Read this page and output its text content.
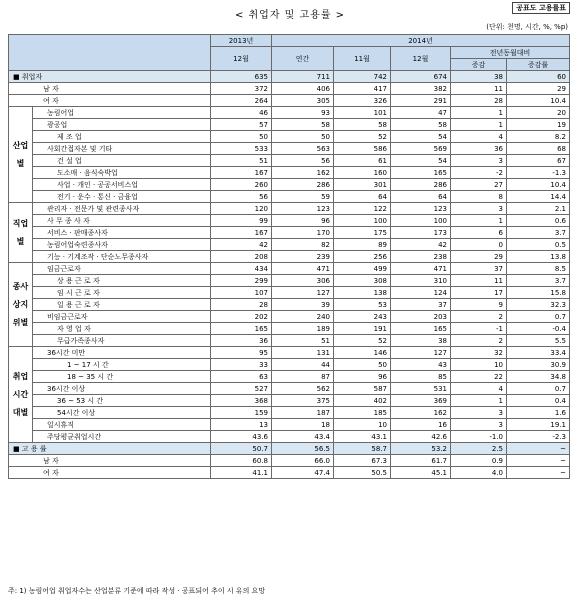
< 취업자 및 고용률 >
공표도 고용률표
(단위: 천명, 시간, %, %p)
		2013년	2014년				
		12월	연간	11월	12월	전년동월대비	
						증감	증감률
■ 취업자		635	711	742	674	38	60
남 자		372	406	417	382	11	29
여 자		264	305	326	291	28	10.4
산업별	농림어업	46	93	101	47	1	20
	광공업	57	58	58	58	1	19
	제 조 업	50	50	52	54	4	8.2
	사회간접자본 및 기타	533	563	586	569	36	68
	건 설 업	51	56	61	54	3	67
	도소매 · 음식숙박업	167	162	160	165	-2	-1.3
	사업 · 개인 · 공공서비스업	260	286	301	286	27	10.4
	전기 · 운수 · 통신 · 금융업	56	59	64	64	8	14.4
직업별	관리자 · 전문가 및 관련종사자	120	123	122	123	3	2.1
	사 무 종 사 자	99	96	100	100	1	0.6
	서비스 · 판매종사자	167	170	175	173	6	3.7
	농림어업숙련종사자	42	82	89	42	0	0.5
	기능 · 기계조작 · 단순노무종사자	208	239	256	238	29	13.8
종사상지위별	임금근로자	434	471	499	471	37	8.5
	상 용 근 로 자	299	306	308	310	11	3.7
	임 시 근 로 자	107	127	138	124	17	15.8
	일 용 근 로 자	28	39	53	37	9	32.3
	비임금근로자	202	240	243	203	2	0.7
	자 영 업 자	165	189	191	165	-1	-0.4
	무급가족종사자	36	51	52	38	2	5.5
취업시간대별	36시간 미만	95	131	146	127	32	33.4
	1 ~ 17 시 간	33	44	50	43	10	30.9
	18 ~ 35 시 간	63	87	96	85	22	34.8
	36시간 이상	527	562	587	531	4	0.7
	36 ~ 53 시 간	368	375	402	369	1	0.4
	54시간 이상	159	187	185	162	3	1.6
	일시휴직	13	18	10	16	3	19.1
	주당평균취업시간	43.6	43.4	43.1	42.6	-1.0	-2.3
■ 고 용 률		50.7	56.5	58.7	53.2	2.5	~
남 자		60.8	66.0	67.3	61.7	0.9	~
여 자		41.1	47.4	50.5	45.1	4.0	~
주: 1) 농림어업 취업자수는 산업분류 기준에 따라 작성 · 공표되어 추이 시 유의 요망
